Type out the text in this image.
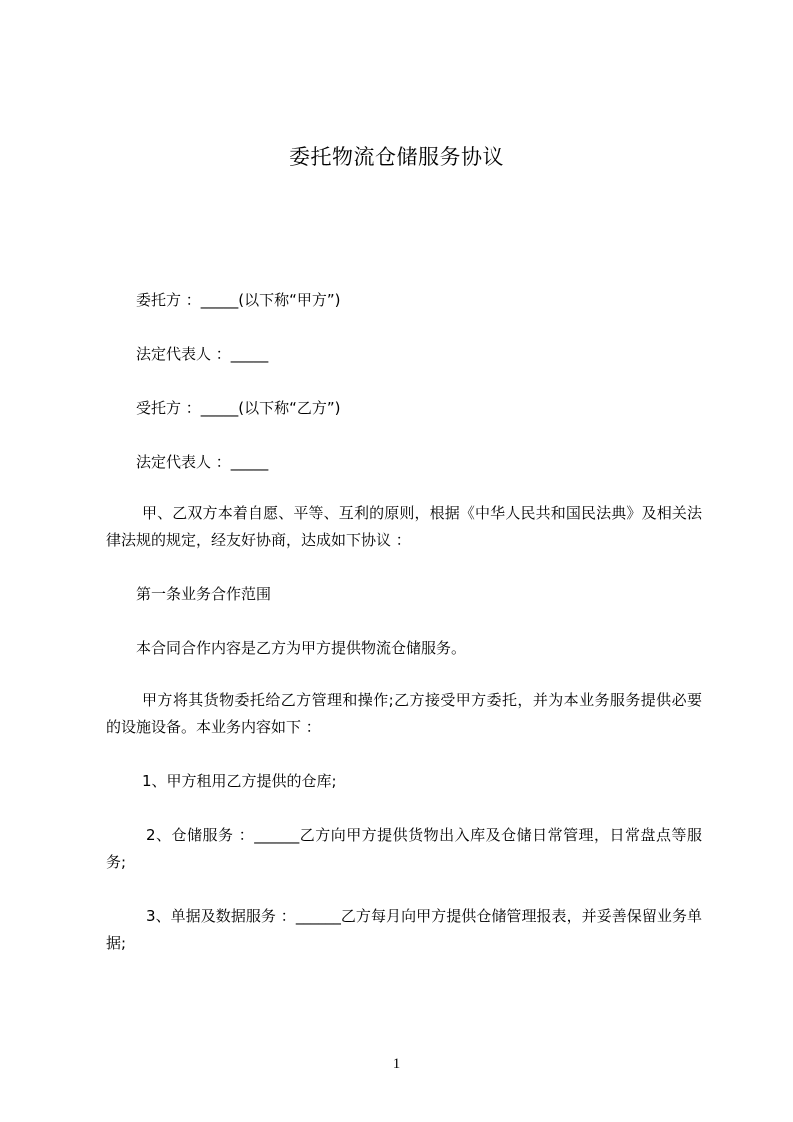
委托物流仓储服务协议
委托方 ：_____(以下称“甲方”)
法定代表人 ：_____
受托方 ：_____(以下称“乙方”)
法定代表人 ：_____
甲、乙双方本着自愿、平等、互利的原则，根据《中华人民共和国民法典》及相关法律法规的规定，经友好协商，达成如下协议 ：
第一条业务合作范围
本合同合作内容是乙方为甲方提供物流仓储服务。
甲方将其货物委托给乙方管理和操作;乙方接受甲方委托，并为本业务服务提供必要的设施设备。本业务内容如下 ：
1、甲方租用乙方提供的仓库;
2、仓储服务 ：______乙方向甲方提供货物出入库及仓储日常管理，日常盘点等服务;
3、单据及数据服务 ：______乙方每月向甲方提供仓储管理报表，并妥善保留业务单据;
1
